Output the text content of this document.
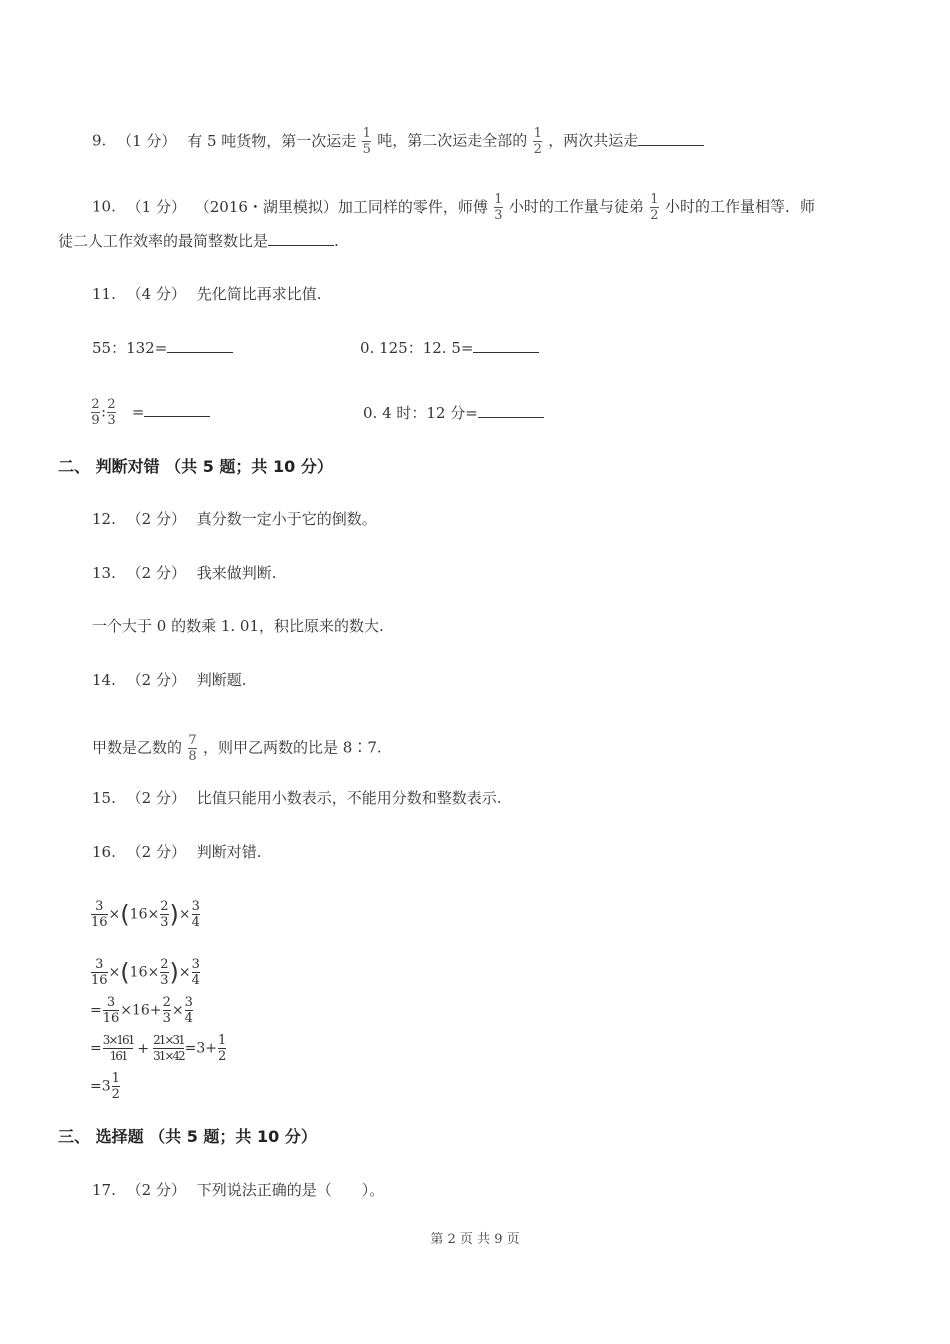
9. （1 分） 有 5 吨货物，第一次运走 $\frac{1}{5}$ 吨，第二次运走全部的 $\frac{1}{2}$ ，两次共运走
10. （1 分） （2016・湖里模拟）加工同样的零件，师傅 $\frac{1}{3}$ 小时的工作量与徒弟 $\frac{1}{2}$ 小时的工作量相等．师
徒二人工作效率的最简整数比是	.
11. （4 分） 先化简比再求比值.
55：132=	0. 125：12. 5=
$\frac{2}{9}$ : $\frac{2}{3}$ =	0. 4 时：12 分=
二、 判断对错 （共 5 题；共 10 分）
12. （2 分） 真分数一定小于它的倒数。
13. （2 分） 我来做判断.
一个大于 0 的数乘 1. 01，积比原来的数大.
14. （2 分） 判断题.
甲数是乙数的 $\frac{7}{8}$ ，则甲乙两数的比是 8∶7.
15. （2 分） 比值只能用小数表示，不能用分数和整数表示.
16. （2 分） 判断对错.
$\frac{3}{16} \times(16\times \frac{2}{3}$ )× $\frac{3}{4}$
$\frac{3}{16} \times(16\times \frac{2}{3}$ )× $\frac{3}{4}$
= $\frac{3}{16} \times 16+ \frac{2}{3} \times \frac{3}{4}$
= $\frac{3\times 161}{161} + \frac{21\times 31}{31\times 42} =3+ \frac{1}{2}$
$=3 \frac{1}{2}$
三、 选择题 （共 5 题；共 10 分）
17. （2 分） 下列说法正确的是（　　）。
第 2 页 共 9 页
